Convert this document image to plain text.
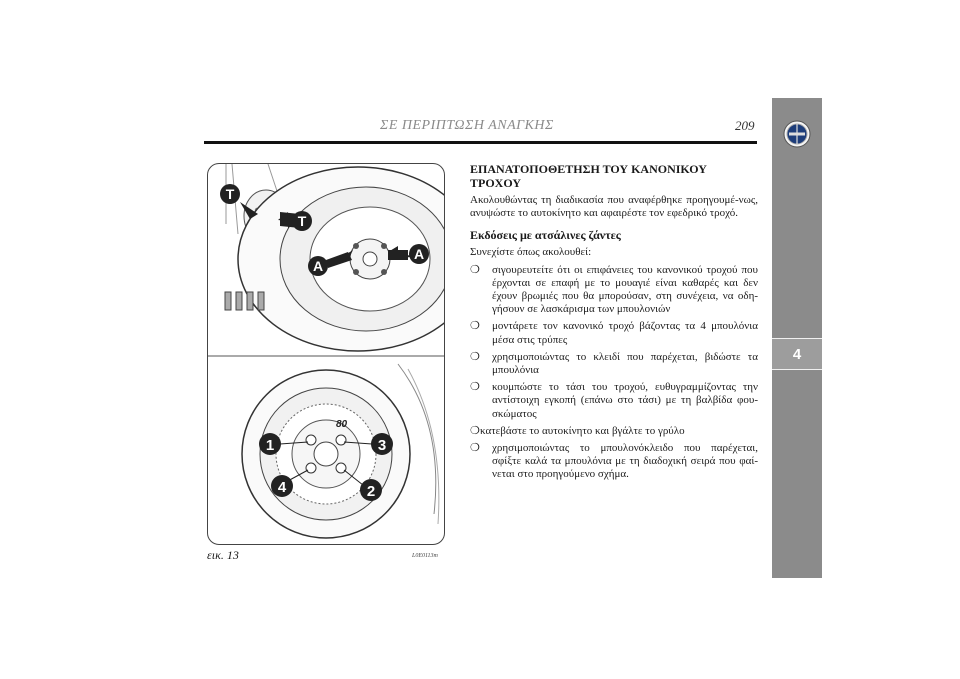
ΣΕ ΠΕΡΙΠΤΩΣΗ ΑΝΑΓΚΗΣ	209
4
T
T
A
A
80
1
2
3
4
εικ. 13	L0E0113m
ΕΠΑΝΑΤΟΠΟΘΕΤΗΣΗ ΤΟΥ ΚΑΝΟΝΙΚΟΥ ΤΡΟΧΟΥ

Ακολουθώντας τη διαδικασία που αναφέρθηκε προηγουμέ-νως, ανυψώστε το αυτοκίνητο και αφαιρέστε τον εφεδρικό τροχό.

Εκδόσεις με ατσάλινες ζάντες

Συνεχίστε όπως ακολουθεί:

❍ σιγουρευτείτε ότι οι επιφάνειες του κανονικού τροχού που έρχονται σε επαφή με το μουαγιέ είναι καθαρές και δεν έχουν βρωμιές που θα μπορούσαν, στη συνέχεια, να οδη-γήσουν σε λασκάρισμα των μπουλονιών
❍ μοντάρετε τον κανονικό τροχό βάζοντας τα 4 μπουλόνια μέσα στις τρύπες
❍ χρησιμοποιώντας το κλειδί που παρέχεται, βιδώστε τα μπουλόνια
❍ κουμπώστε το τάσι του τροχού, ευθυγραμμίζοντας την αντίστοιχη εγκοπή (επάνω στο τάσι) με τη βαλβίδα φου-σκώματος
❍ κατεβάστε το αυτοκίνητο και βγάλτε το γρύλο
❍ χρησιμοποιώντας το μπουλονόκλειδο που παρέχεται, σφίξτε καλά τα μπουλόνια με τη διαδοχική σειρά που φαί-νεται στο προηγούμενο σχήμα.
